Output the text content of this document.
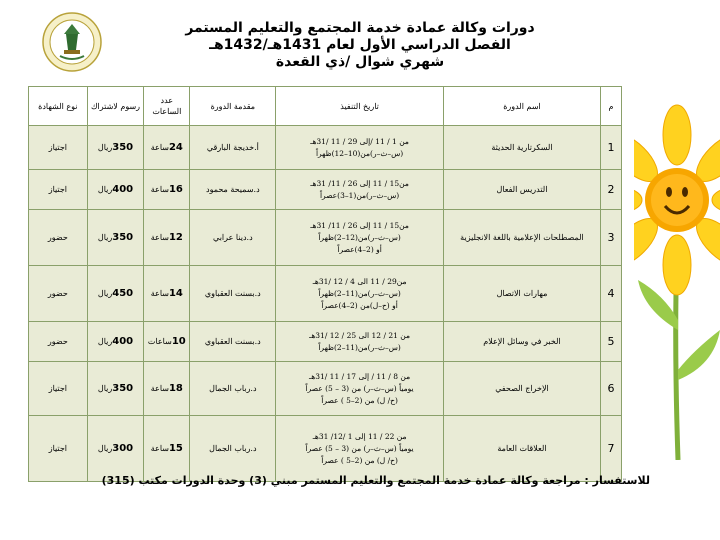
دورات وكالة عمادة خدمة المجتمع والتعليم المستمر
الفصل الدراسي الأول لعام 1431هـ/1432هـ
شهري شوال /ذي القعدة
م	اسم الدورة	تاريخ التنفيذ	مقدمة الدورة	عدد الساعات	رسوم لاشتراك	نوع الشهادة
1	السكرتارية الحديثة	من 1 / 11 /إلى 29 / 11 /31هـ
(س–ث–ر)من(10–12)ظهراً	أ.خديجة البارقي	24ساعة	350ريال	اجتياز
2	التدريس الفعال	من15 / 11 إلى 26 / 11/ 31هـ
(س–ث–ر)من(1–3)عصراً	د.سميحة محمود	16ساعة	400ريال	اجتياز
3	المصطلحات الإعلامية باللغة الانجليزية	من15 / 11 إلى 26 / 11/ 31هـ
(س–ث–ر)من(12–2)ظهراً
أو (2–4)عصراً	د.دينا عرابي	12ساعة	350ريال	حضور
4	مهارات الاتصال	من29 / 11 الى 4 / 12 /31هـ
(س–ث–ر)من(11–2)ظهراً
أو (ح–ل)من (2–4)عصراً	د.بسنت العقباوي	14ساعة	450ريال	حضور
5	الخبر في وسائل الإعلام	من 21 / 12 الى 25 / 12 /31هـ
(س–ث–ر)من(11–2)ظهراً	د.بسنت العقباوي	10ساعات	400ريال	حضور
6	الإخراج الصحفي	من 8 / 11 / إلى 17 / 11 /31هـ
يومياً (س–ث–ر) من (3 – 5) عصراً
(ح/ ل) من (2–5 ) عصراً	د.رباب الجمال	18ساعة	350ريال	اجتياز
7	العلاقات العامة	من 22 / 11 إلى 1 /12/ 31هـ
يومياً (س–ث–ر) من (3 – 5) عصراً
(ح/ ل) من (2–5 ) عصراً	د.رباب الجمال	15ساعة	300ريال	اجتياز
للاستفسار : مراجعة وكالة عمادة خدمة المجتمع والتعليم المستمر مبني (3) وحدة الدورات مكتب (315)
